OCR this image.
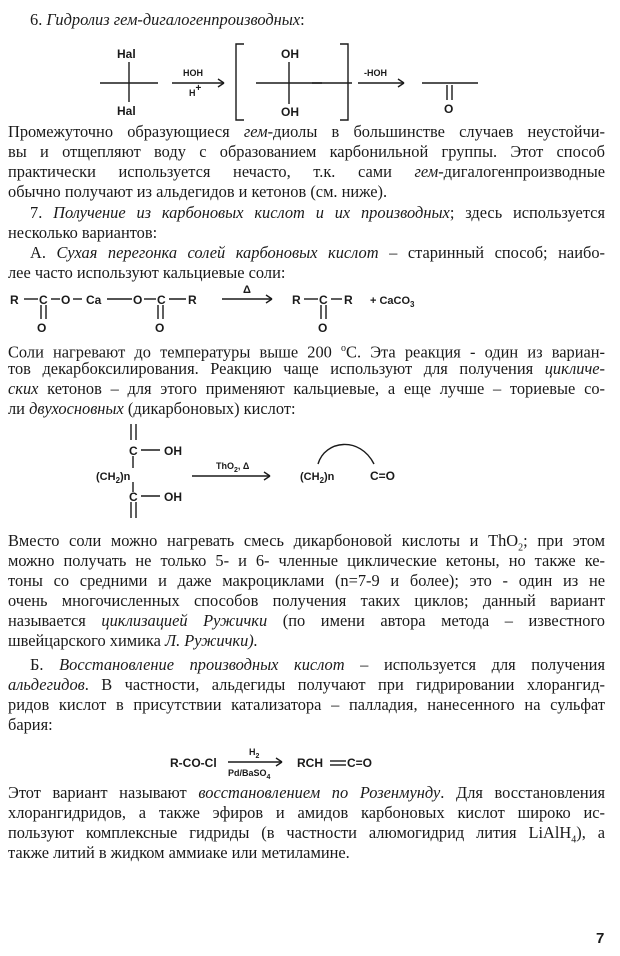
6. Гидролиз гем-дигалогенпроизводных:
Hal
Hal
HOH
H+
OH
OH
-HOH
O
Промежуточно образующиеся гем-диолы в большинстве случаев неустойчи-
вы и отщепляют воду с образованием карбонильной группы. Этот способ
практически используется нечасто, т.к. сами гем-дигалогенпроизводные
обычно получают из альдегидов и кетонов (см. ниже).
7. Получение из карбоновых кислот и их производных; здесь используется
несколько вариантов:
А. Сухая перегонка солей карбоновых кислот – старинный способ; наибо-
лее часто используют кальциевые соли:
R C O Ca	O C R
O	O
Δ
R C R
O
+ CaCO$_3$
Соли нагревают до температуры выше 200 $^o$С. Эта реакция - один из вариан-
тов декарбоксилирования. Реакцию чаще используют для получения цикличе-
ских кетонов – для этого применяют кальциевые, а еще лучше – ториевые со-
ли двухосновных (дикарбоновых) кислот:
C OH
$(CH_2)n$
C OH
ThO$_2$, Δ
$(CH_2)n$	C=O
Вместо соли можно нагревать смесь дикарбоновой кислоты и ThO$_2$; при этом
можно получать не только 5- и 6- членные циклические кетоны, но также ке-
тоны со средними и даже макроциклами (n=7-9 и более); это - один из не
очень многочисленных способов получения таких циклов; данный вариант
называется циклизацией Ружички (по имени автора метода – известного
швейцарского химика Л. Ружички).
Б. Восстановление производных кислот – используется для получения
альдегидов. В частности, альдегиды получают при гидрировании хлорангид-
ридов кислот в присутствии катализатора – палладия, нанесенного на сульфат
бария:
R-CO-Cl
$H_2$
Pd/BaSO$_4$
RCH C=O
Этот вариант называют восстановлением по Розенмунду. Для восстановления
хлорангидридов, а также эфиров и амидов карбоновых кислот широко ис-
пользуют комплексные гидриды (в частности алюмогидрид лития LiAlH$_4$), а
также литий в жидком аммиаке или метиламине.
7
